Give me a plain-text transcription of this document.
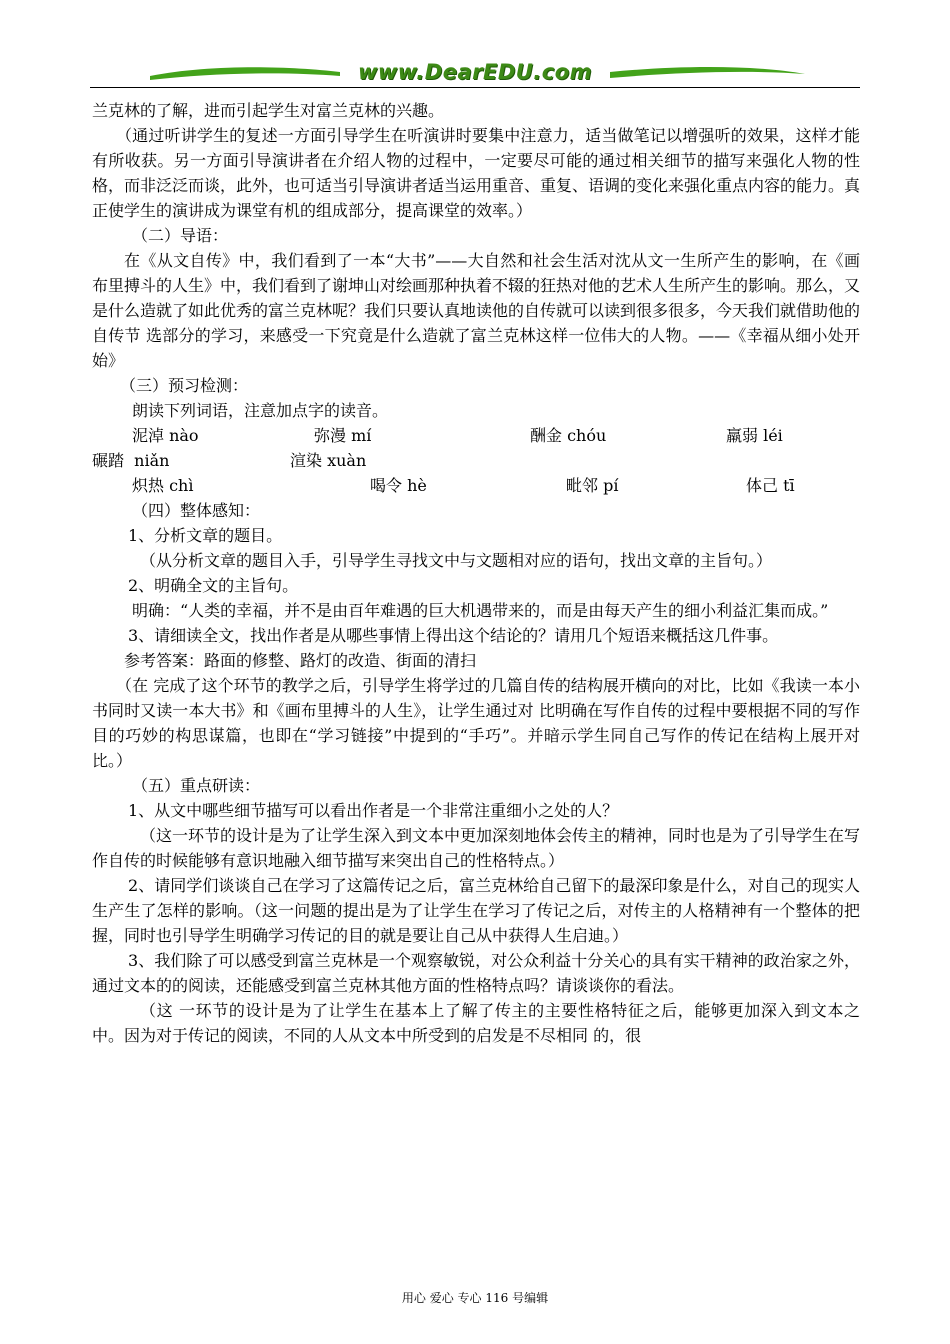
www.DearEDU.com

兰克林的了解，进而引起学生对富兰克林的兴趣。

（通过听讲学生的复述一方面引导学生在听演讲时要集中注意力，适当做笔记以增强听的效果，这样才能有所收获。另一方面引导演讲者在介绍人物的过程中，一定要尽可能的通过相关细节的描写来强化人物的性格，而非泛泛而谈，此外，也可适当引导演讲者适当运用重音、重复、语调的变化来强化重点内容的能力。真正使学生的演讲成为课堂有机的组成部分，提高课堂的效率。）

（二）导语：

在《从文自传》中，我们看到了一本“大书”——大自然和社会生活对沈从文一生所产生的影响，在《画布里搏斗的人生》中，我们看到了谢坤山对绘画那种执着不辍的狂热对他的艺术人生所产生的影响。那么，又是什么造就了如此优秀的富兰克林呢？我们只要认真地读他的自传就可以读到很多很多，今天我们就借助他的自传节 选部分的学习，来感受一下究竟是什么造就了富兰克林这样一位伟大的人物。——《幸福从细小处开始》

（三）预习检测：

朗读下列词语，注意加点字的读音。

泥淖 nào	弥漫 mí	酬金 chóu	羸弱 léi
碾踏  niǎn	渲染 xuàn
炽热 chì	喝令 hè	毗邻 pí	体己 tī

（四）整体感知：

1、分析文章的题目。

（从分析文章的题目入手，引导学生寻找文中与文题相对应的语句，找出文章的主旨句。）

2、明确全文的主旨句。

明确：“人类的幸福，并不是由百年难遇的巨大机遇带来的，而是由每天产生的细小利益汇集而成。”

3、请细读全文，找出作者是从哪些事情上得出这个结论的？请用几个短语来概括这几件事。

参考答案：路面的修整、路灯的改造、街面的清扫

（在 完成了这个环节的教学之后，引导学生将学过的几篇自传的结构展开横向的对比，比如《我读一本小书同时又读一本大书》和《画布里搏斗的人生》，让学生通过对 比明确在写作自传的过程中要根据不同的写作目的巧妙的构思谋篇，也即在“学习链接”中提到的“手巧”。并暗示学生同自己写作的传记在结构上展开对比。）

（五）重点研读：

1、从文中哪些细节描写可以看出作者是一个非常注重细小之处的人？

（这一环节的设计是为了让学生深入到文本中更加深刻地体会传主的精神，同时也是为了引导学生在写作自传的时候能够有意识地融入细节描写来突出自己的性格特点。）

2、请同学们谈谈自己在学习了这篇传记之后，富兰克林给自己留下的最深印象是什么，对自己的现实人生产生了怎样的影响。（这一问题的提出是为了让学生在学习了传记之后，对传主的人格精神有一个整体的把握，同时也引导学生明确学习传记的目的就是要让自己从中获得人生启迪。）

3、我们除了可以感受到富兰克林是一个观察敏锐，对公众利益十分关心的具有实干精神的政治家之外，通过文本的的阅读，还能感受到富兰克林其他方面的性格特点吗？请谈谈你的看法。

（这 一环节的设计是为了让学生在基本上了解了传主的主要性格特征之后，能够更加深入到文本之中。因为对于传记的阅读，不同的人从文本中所受到的启发是不尽相同 的，很

用心 爱心 专心 116 号编辑
